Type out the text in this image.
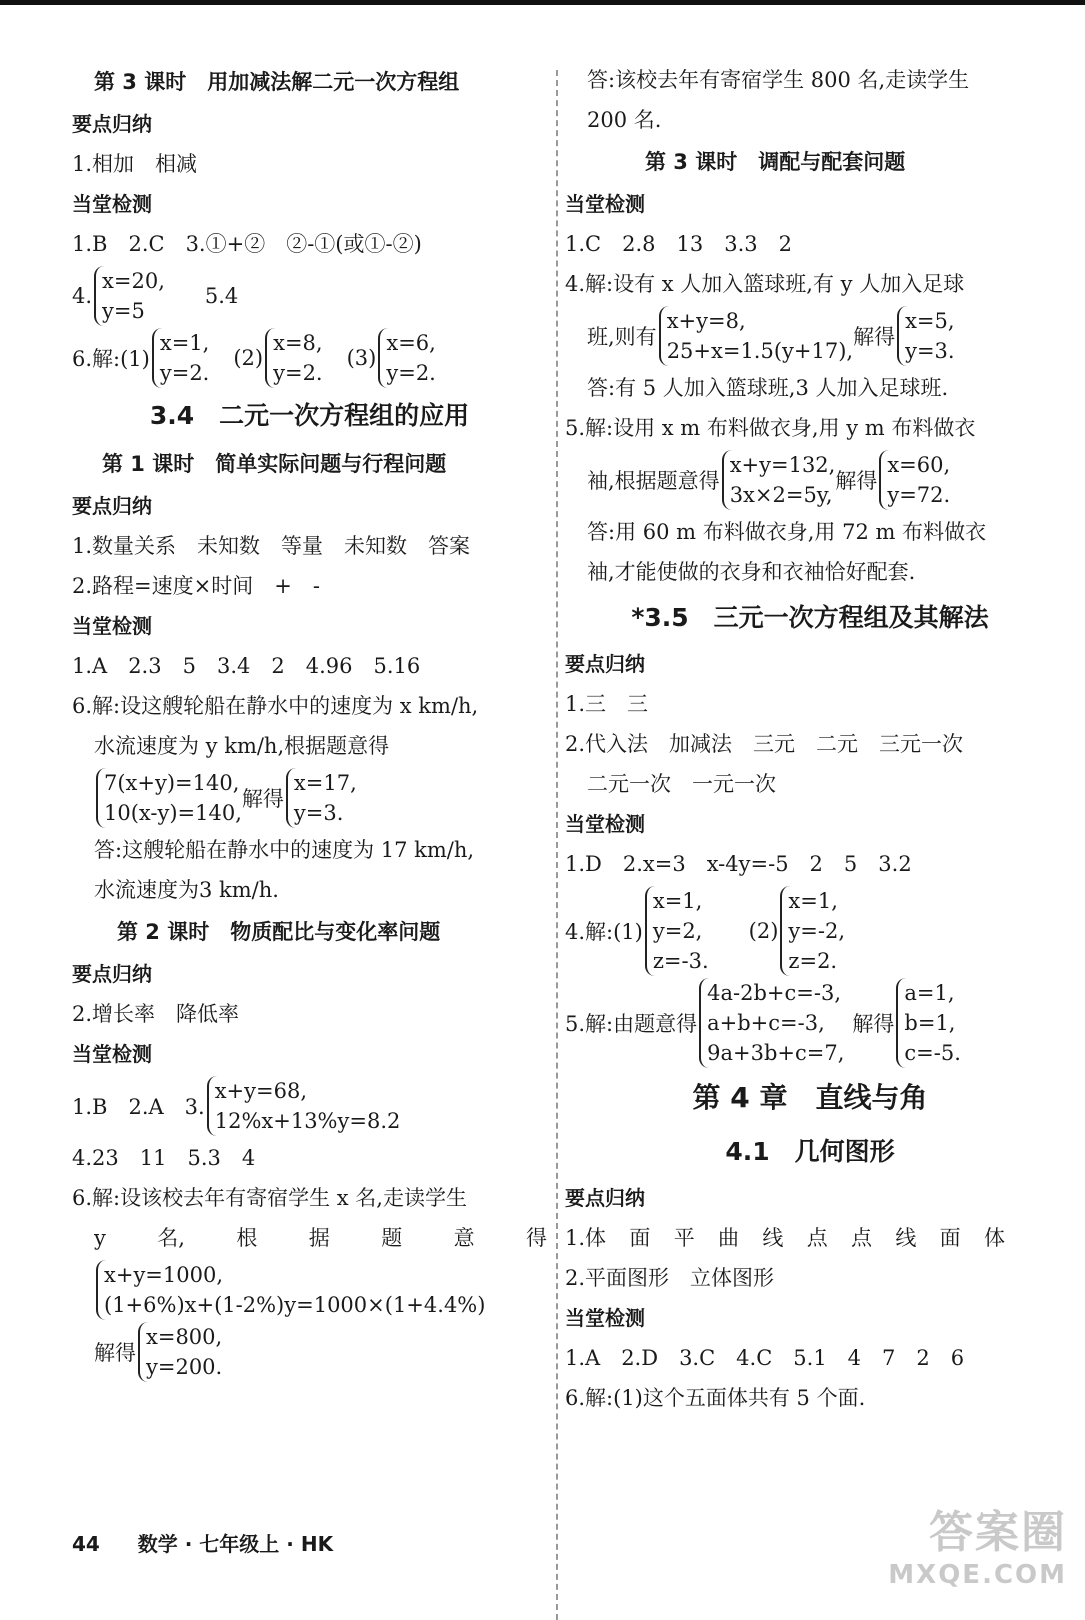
第 3 课时　用加减法解二元一次方程组
要点归纳
1.相加　相减
当堂检测
1.B　2.C　3.①+②　②-①(或①-②)
4.
x=20,
y=5
5.4
6.解:(1)
x=1,
y=2.
(2)
x=8,
y=2.
(3)
x=6,
y=2.
3.4　二元一次方程组的应用
第 1 课时　简单实际问题与行程问题
要点归纳
1.数量关系　未知数　等量　未知数　答案
2.路程=速度×时间　+　-
当堂检测
1.A　2.3　5　3.4　2　4.96　5.16
6.解:设这艘轮船在静水中的速度为 x km/h,
水流速度为 y km/h,根据题意得
7(x+y)=140,
10(x-y)=140,
解得
x=17,
y=3.
答:这艘轮船在静水中的速度为 17 km/h,
水流速度为3 km/h.
第 2 课时　物质配比与变化率问题
要点归纳
2.增长率　降低率
当堂检测
1.B　2.A　3.
x+y=68,
12%x+13%y=8.2
4.23　11　5.3　4
6.解:设该校去年有寄宿学生 x 名,走读学生
y 名, 根 据 题 意 得
x+y=1000,
(1+6%)x+(1-2%)y=1000×(1+4.4%)
解得
x=800,
y=200.
答:该校去年有寄宿学生 800 名,走读学生
200 名.
第 3 课时　调配与配套问题
当堂检测
1.C　2.8　13　3.3　2
4.解:设有 x 人加入篮球班,有 y 人加入足球
班,则有
x+y=8,
25+x=1.5(y+17),
解得
x=5,
y=3.
答:有 5 人加入篮球班,3 人加入足球班.
5.解:设用 x m 布料做衣身,用 y m 布料做衣
袖,根据题意得
x+y=132,
3x×2=5y,
解得
x=60,
y=72.
答:用 60 m 布料做衣身,用 72 m 布料做衣
袖,才能使做的衣身和衣袖恰好配套.
*3.5　三元一次方程组及其解法
要点归纳
1.三　三
2.代入法　加减法　三元　二元　三元一次
二元一次　一元一次
当堂检测
1.D　2.x=3　x-4y=-5　2　5　3.2
4.解:(1)
x=1,
y=2,
z=-3.
(2)
x=1,
y=-2,
z=2.
5.解:由题意得
4a-2b+c=-3,
a+b+c=-3,
9a+3b+c=7,
解得
a=1,
b=1,
c=-5.
第 4 章　直线与角
4.1　几何图形
要点归纳
1.体 面 平 曲 线 点 点 线 面 体
2.平面图形　立体图形
当堂检测
1.A　2.D　3.C　4.C　5.1　4　7　2　6
6.解:(1)这个五面体共有 5 个面.
44 数学 · 七年级上 · HK	答案圈
MXQE.COM
